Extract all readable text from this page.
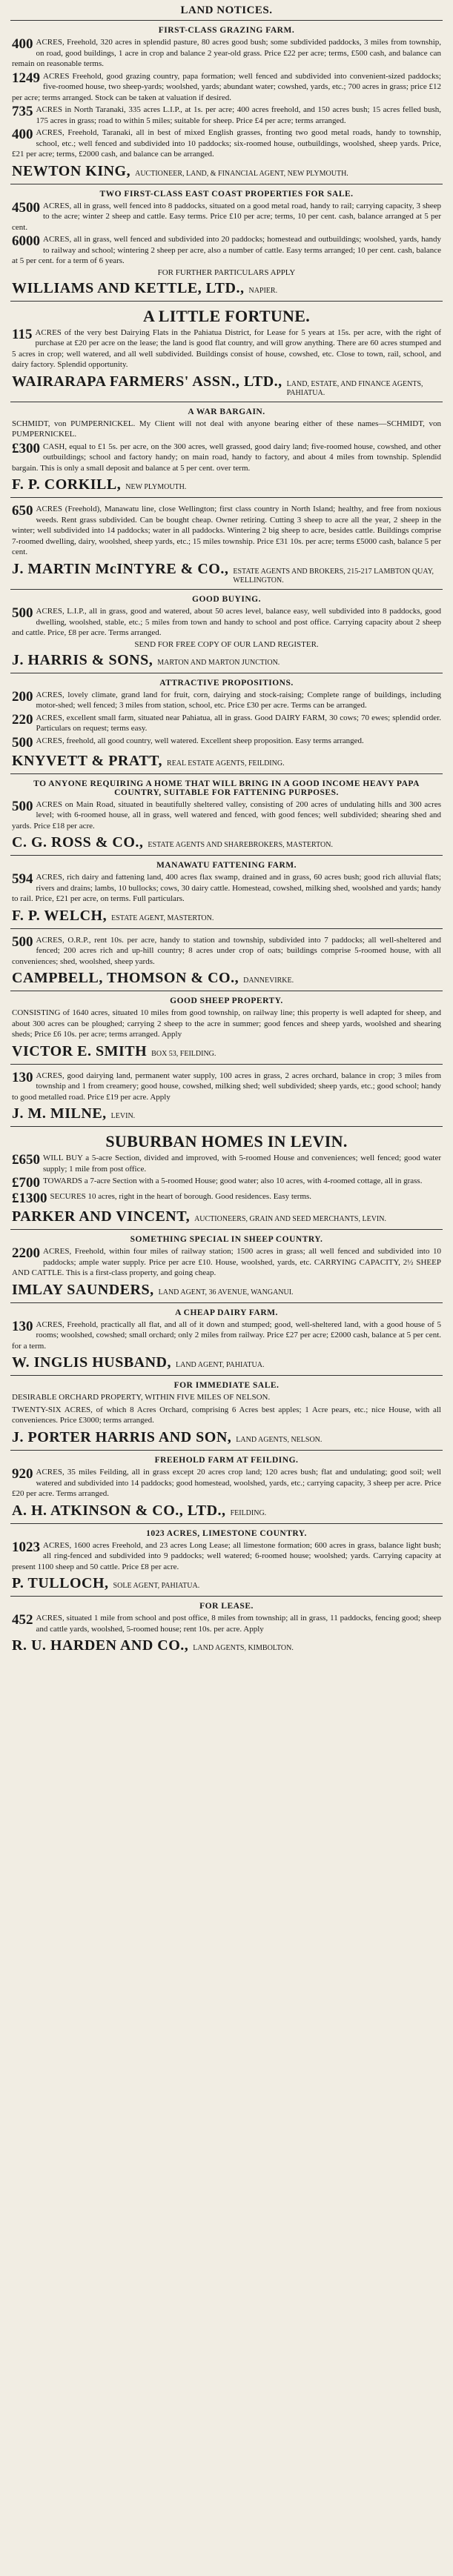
LAND NOTICES.
FIRST-CLASS GRAZING FARM.
400 ACRES, Freehold, 320 acres in splendid pasture, 80 acres good bush; some subdivided paddocks, 3 miles from township, on road, good buildings, 1 acre in crop and balance 2 year-old grass. Price £22 per acre; terms, £500 cash, and balance can remain on reasonable terms.
1249 ACRES Freehold, good grazing country, papa formation; well fenced and subdivided into convenient-sized paddocks; five-roomed house, two sheep-yards; woolshed, yards; abundant water; cowshed, yards, etc.; 700 acres in grass; price £12 per acre; terms arranged. Stock can be taken at valuation if desired.
735 ACRES in North Taranaki, 335 acres L.I.P., at 1s. per acre; 400 acres freehold, and 150 acres bush; 15 acres felled bush, 175 acres in grass; road to within 5 miles; suitable for sheep. Price £4 per acre; terms arranged.
400 ACRES, Freehold, Taranaki, all in best of mixed English grasses, fronting two good metal roads, handy to township, school, etc.; well fenced and subdivided into 10 paddocks; six-roomed house, outbuildings, woolshed, sheep yards. Price, £21 per acre; terms, £2000 cash, and balance can be arranged.
NEWTON KING, AUCTIONEER, LAND, & FINANCIAL AGENT, NEW PLYMOUTH.
TWO FIRST-CLASS EAST COAST PROPERTIES FOR SALE.
4500 ACRES, all in grass, well fenced into 8 paddocks, situated on a good metal road, handy to rail; carrying capacity, 3 sheep to the acre; winter 2 sheep and cattle. Easy terms. Price £10 per acre; terms, 10 per cent. cash, balance arranged at 5 per cent.
6000 ACRES, all in grass, well fenced and subdivided into 20 paddocks; homestead and outbuildings; woolshed, yards, handy to railway and school; wintering 2 sheep per acre, also a number of cattle. Easy terms arranged; 10 per cent. cash, balance at 5 per cent. for a term of 6 years.
FOR FURTHER PARTICULARS APPLY
WILLIAMS AND KETTLE, LTD., NAPIER.
A LITTLE FORTUNE.
115 ACRES of the very best Dairying Flats in the Pahiatua District, for Lease for 5 years at 15s. per acre, with the right of purchase at £20 per acre on the lease; the land is good flat country, and will grow anything. There are 60 acres stumped and 5 acres in crop; well watered, and all well subdivided. Buildings consist of house, cowshed, etc. Close to town, rail, school, and dairy factory. Splendid opportunity.
WAIRARAPA FARMERS' ASSN., LTD., LAND, ESTATE, AND FINANCE AGENTS, PAHIATUA.
A WAR BARGAIN.
SCHMIDT, von PUMPERNICKEL. My Client will not deal with anyone bearing either of these names—SCHMIDT, von PUMPERNICKEL.
£300 CASH, equal to £1 5s. per acre, on the 300 acres, well grassed, good dairy land; five-roomed house, cowshed, and other outbuildings; school and factory handy; on main road, handy to factory, and about 4 miles from township. Splendid bargain. This is only a small deposit and balance at 5 per cent. over term.
F. P. CORKILL, NEW PLYMOUTH.
650 ACRES (Freehold), Manawatu line, close Wellington; first class country in North Island; healthy, and free from noxious weeds. Rent grass subdivided. Can be bought cheap. Owner retiring. Cutting 3 sheep to acre all the year, 2 sheep in the winter; well subdivided into 14 paddocks; water in all paddocks. Wintering 2 big sheep to acre, besides cattle. Buildings comprise 7-roomed dwelling, dairy, woolshed, sheep yards, etc.; 15 miles township. Price £31 10s. per acre; terms £5000 cash, balance 5 per cent.
J. MARTIN McINTYRE & CO., ESTATE AGENTS AND BROKERS, 215-217 LAMBTON QUAY, WELLINGTON.
GOOD BUYING.
500 ACRES, L.I.P., all in grass, good and watered, about 50 acres level, balance easy, well subdivided into 8 paddocks, good dwelling, woolshed, stable, etc.; 5 miles from town and handy to school and post office. Carrying capacity about 2 sheep and cattle. Price, £8 per acre. Terms arranged.
SEND FOR FREE COPY OF OUR LAND REGISTER.
J. HARRIS & SONS, MARTON AND MARTON JUNCTION.
ATTRACTIVE PROPOSITIONS.
200 ACRES, lovely climate, grand land for fruit, corn, dairying and stock-raising; Complete range of buildings, including motor-shed; well fenced; 3 miles from station, school, etc. Price £30 per acre. Terms can be arranged.
220 ACRES, excellent small farm, situated near Pahiatua, all in grass. Good DAIRY FARM, 30 cows; 70 ewes; splendid order. Particulars on request; terms easy.
500 ACRES, freehold, all good country, well watered. Excellent sheep proposition. Easy terms arranged.
KNYVETT & PRATT, REAL ESTATE AGENTS, FEILDING.
TO ANYONE REQUIRING A HOME THAT WILL BRING IN A GOOD INCOME HEAVY PAPA COUNTRY, SUITABLE FOR FATTENING PURPOSES.
500 ACRES on Main Road, situated in beautifully sheltered valley, consisting of 200 acres of undulating hills and 300 acres level; with 6-roomed house, all in grass, well watered and fenced, with good fences; well subdivided; shearing shed and yards. Price £18 per acre.
C. G. ROSS & CO., ESTATE AGENTS AND SHAREBROKERS, MASTERTON.
MANAWATU FATTENING FARM.
594 ACRES, rich dairy and fattening land, 400 acres flax swamp, drained and in grass, 60 acres bush; good rich alluvial flats; rivers and drains; lambs, 10 bullocks; cows, 30 dairy cattle. Homestead, cowshed, milking shed, woolshed and yards; handy to rail. Price, £21 per acre, on terms. Full particulars.
F. P. WELCH, ESTATE AGENT, MASTERTON.
500 ACRES, O.R.P., rent 10s. per acre, handy to station and township, subdivided into 7 paddocks; all well-sheltered and fenced; 200 acres rich and up-hill country; 8 acres under crop of oats; buildings comprise 5-roomed house, with all conveniences; shed, woolshed, sheep yards.
CAMPBELL, THOMSON & CO., DANNEVIRKE.
GOOD SHEEP PROPERTY.
CONSISTING of 1640 acres, situated 10 miles from good township, on railway line; this property is well adapted for sheep, and about 300 acres can be ploughed; carrying 2 sheep to the acre in summer; good fences and sheep yards, woolshed and shearing sheds; Price £6 10s. per acre; terms arranged. Apply
VICTOR E. SMITH BOX 53, FEILDING.
130 ACRES, good dairying land, permanent water supply, 100 acres in grass, 2 acres orchard, balance in crop; 3 miles from township and 1 from creamery; good house, cowshed, milking shed; well subdivided; sheep yards, etc.; good school; handy to good metalled road. Price £19 per acre. Apply
J. M. MILNE, LEVIN.
SUBURBAN HOMES IN LEVIN.
£650 WILL BUY a 5-acre Section, divided and improved, with 5-roomed House and conveniences; well fenced; good water supply; 1 mile from post office.
£700 TOWARDS a 7-acre Section with a 5-roomed House; good water; also 10 acres, with 4-roomed cottage, all in grass.
£1300 SECURES 10 acres, right in the heart of borough. Good residences. Easy terms.
PARKER AND VINCENT, AUCTIONEERS, GRAIN AND SEED MERCHANTS, LEVIN.
SOMETHING SPECIAL IN SHEEP COUNTRY.
2200 ACRES, Freehold, within four miles of railway station; 1500 acres in grass; all well fenced and subdivided into 10 paddocks; ample water supply. Price per acre £10. House, woolshed, yards, etc. CARRYING CAPACITY, 2½ SHEEP AND CATTLE. This is a first-class property, and going cheap.
IMLAY SAUNDERS, LAND AGENT, 36 AVENUE, WANGANUI.
A CHEAP DAIRY FARM.
130 ACRES, Freehold, practically all flat, and all of it down and stumped; good, well-sheltered land, with a good house of 5 rooms; woolshed, cowshed; small orchard; only 2 miles from railway. Price £27 per acre; £2000 cash, balance at 5 per cent. for a term.
W. INGLIS HUSBAND, LAND AGENT, PAHIATUA.
FOR IMMEDIATE SALE.
DESIRABLE ORCHARD PROPERTY, WITHIN FIVE MILES OF NELSON.
TWENTY-SIX ACRES, of which 8 Acres Orchard, comprising 6 Acres best apples; 1 Acre pears, etc.; nice House, with all conveniences. Price £3000; terms arranged.
J. PORTER HARRIS AND SON, LAND AGENTS, NELSON.
FREEHOLD FARM AT FEILDING.
920 ACRES, 35 miles Feilding, all in grass except 20 acres crop land; 120 acres bush; flat and undulating; good soil; well watered and subdivided into 14 paddocks; good homestead, woolshed, yards, etc.; carrying capacity, 3 sheep per acre. Price £20 per acre. Terms arranged.
A. H. ATKINSON & CO., LTD., FEILDING.
1023 ACRES, LIMESTONE COUNTRY.
1023 ACRES, 1600 acres Freehold, and 23 acres Long Lease; all limestone formation; 600 acres in grass, balance light bush; all ring-fenced and subdivided into 9 paddocks; well watered; 6-roomed house; woolshed; yards. Carrying capacity at present 1100 sheep and 50 cattle. Price £8 per acre.
P. TULLOCH, SOLE AGENT, PAHIATUA.
FOR LEASE.
452 ACRES, situated 1 mile from school and post office, 8 miles from township; all in grass, 11 paddocks, fencing good; sheep and cattle yards, woolshed, 5-roomed house; rent 10s. per acre. Apply
R. U. HARDEN AND CO., LAND AGENTS, KIMBOLTON.
